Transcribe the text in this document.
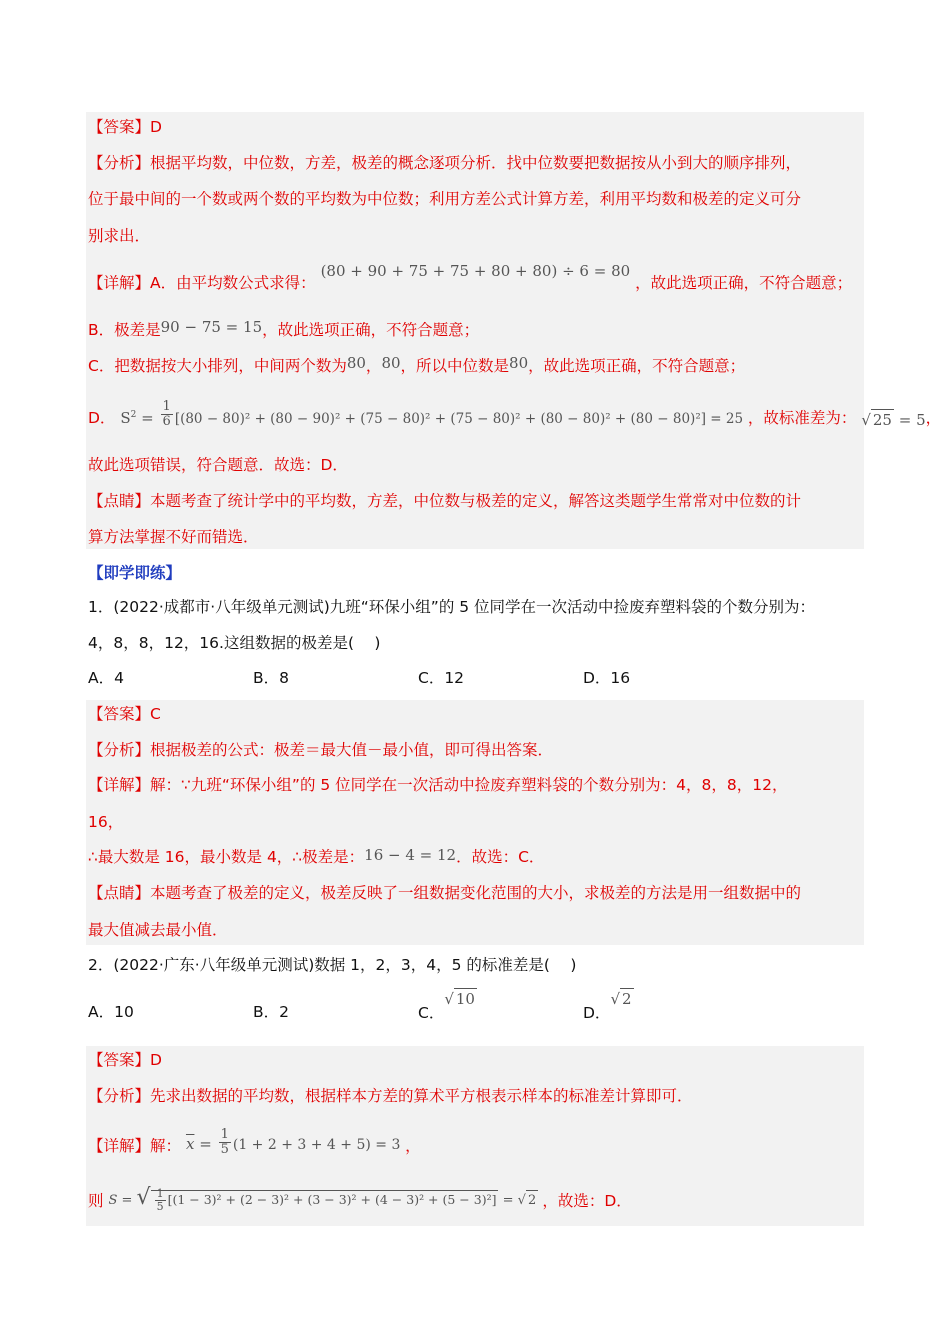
【答案】D
【分析】根据平均数，中位数，方差，极差的概念逐项分析．找中位数要把数据按从小到大的顺序排列，
位于最中间的一个数或两个数的平均数为中位数；利用方差公式计算方差，利用平均数和极差的定义可分
别求出．
【详解】A．由平均数公式求得： (80 + 90 + 75 + 75 + 80 + 80) ÷ 6 = 80 ，故此选项正确，不符合题意；
B．极差是90 − 75 = 15，故此选项正确，不符合题意；
C．把数据按大小排列，中间两个数为80，80，所以中位数是80，故此选项正确，不符合题意；
D． $S^2 = \frac{1}{6} [(80 - 80)^2 + (80 - 90)^2 + (75 - 80)^2 + (75 - 80)^2 + (80 - 80)^2 + (80 - 80)^2] = 25$ ，故标准差为： √ 25 = 5，
故此选项错误，符合题意．故选：D．
【点睛】本题考查了统计学中的平均数，方差，中位数与极差的定义，解答这类题学生常常对中位数的计
算方法掌握不好而错选．
【即学即练】
1．(2022·成都市·八年级单元测试)九班“环保小组”的 5 位同学在一次活动中捡废弃塑料袋的个数分别为：
4，8，8，12，16.这组数据的极差是(　 )
A．4	B．8	C．12	D．16
【答案】C
【分析】根据极差的公式：极差＝最大值－最小值，即可得出答案．
【详解】解：∵九班“环保小组”的 5 位同学在一次活动中捡废弃塑料袋的个数分别为：4，8，8，12，
16，
∴最大数是 16，最小数是 4，∴极差是：16 − 4 = 12．故选：C．
【点睛】本题考查了极差的定义，极差反映了一组数据变化范围的大小，求极差的方法是用一组数据中的
最大值减去最小值．
2．(2022·广东·八年级单元测试)数据 1，2，3，4，5 的标准差是(　 )
A．10	B．2	C．√ 10
D．√ 2
【答案】D
【分析】先求出数据的平均数，根据样本方差的算术平方根表示样本的标准差计算即可．
【详解】解： $\overline{x} = \frac{1}{5} (1 + 2 + 3 + 4 + 5) = 3$ ，
则 $_{S = √ \frac{1}{5} [(1 - 3)^2 + (2 - 3)^2 + (3 - 3)^2 + (4 - 3)^2 + (5 - 3)^2] = √ 2}$ ，故选：D．
